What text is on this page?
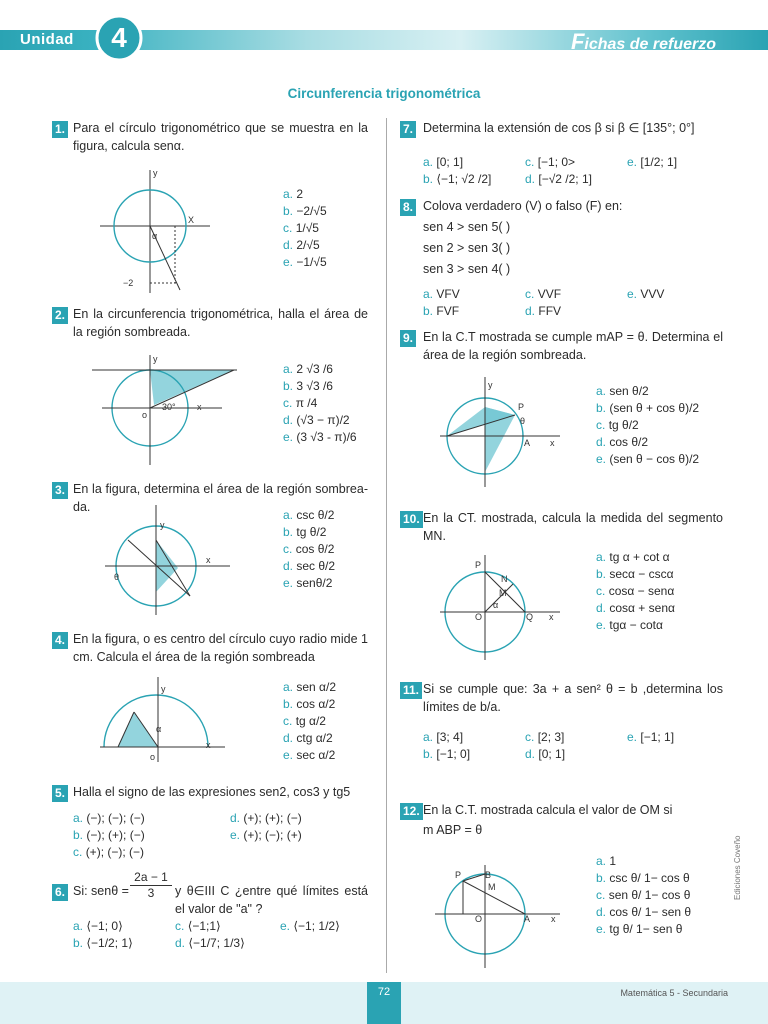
Unidad 4	Fichas de refuerzo
Circunferencia trigonométrica
1. Para el círculo trigonométrico que se muestra en la figura, calcula senα.
y
X
α
−2
a. 2
b. −2/√5
c. 1/√5
d. 2/√5
e. −1/√5
2. En la circunferencia trigonométrica, halla el área de la región sombreada.
y
x
o
30°
a. 2 √3 /6
b. 3 √3 /6
c. π /4
d. (√3 − π)/2
e. (3 √3 - π)/6
3. En la figura, determina el área de la región sombrea-da.
y
x
θ
a. csc θ/2
b. tg θ/2
c. cos θ/2
d. sec θ/2
e. senθ/2
4. En la figura, o es centro del círculo cuyo radio mide 1 cm. Calcula el área de la región sombreada
y
x
o
α
a. sen α/2
b. cos α/2
c. tg α/2
d. ctg α/2
e. sec α/2
5. Halla el signo de las expresiones sen2, cos3 y tg5
a. (−); (−); (−)
b. (−); (+); (−)
c. (+); (−); (−)
d. (+); (+); (−)
e. (+); (−); (+)
6. Si: $sen\theta = \frac{2a - 1}{3}$ y θ∈III C ¿entre qué límites está el valor de "a" ?
a. ⟨−1; 0⟩
b. ⟨−1/2; 1⟩
c. ⟨−1;1⟩
d. ⟨−1/7; 1/3⟩
e. ⟨−1; 1/2⟩
7. Determina la extensión de cos β si β ∈ [135°; 0°]
a. [0; 1]
b. ⟨−1; √2 /2]
c. [−1; 0>
d. [−√2 /2; 1]
e. [1/2; 1]
8. Colova verdadero (V) o falso (F) en:
sen 4 > sen 5( )
sen 2 > sen 3( )
sen 3 > sen 4( )
a. VFV
b. FVF
c. VVF
d. FFV
e. VVV
9. En la C.T mostrada se cumple mAP = θ. Determina el área de la región sombreada.
y
x
P
A
θ
a. sen θ/2
b. (sen θ + cos θ)/2
c. tg θ/2
d. cos θ/2
e. (sen θ − cos θ)/2
10. En la CT. mostrada, calcula la medida del segmento MN.
P
N
M
α
O	Q x
a. tg α + cot α
b. secα − cscα
c. cosα − senα
d. cosα + senα
e. tgα − cotα
11. Si se cumple que: 3a + a sen² θ = b ,determina los límites de b/a.
a. [3; 4]
b. [−1; 0]
c. [2; 3]
d. [0; 1]
e. [−1; 1]
12. En la C.T. mostrada calcula el valor de OM si
m ABP = θ
P	B
M
O	A x
a. 1
b. csc θ/ 1− cos θ
c. sen θ/ 1− cos θ
d. cos θ/ 1− sen θ
e. tg θ/ 1− sen θ
72	Matemática 5 - Secundaria
Ediciones Coveño
